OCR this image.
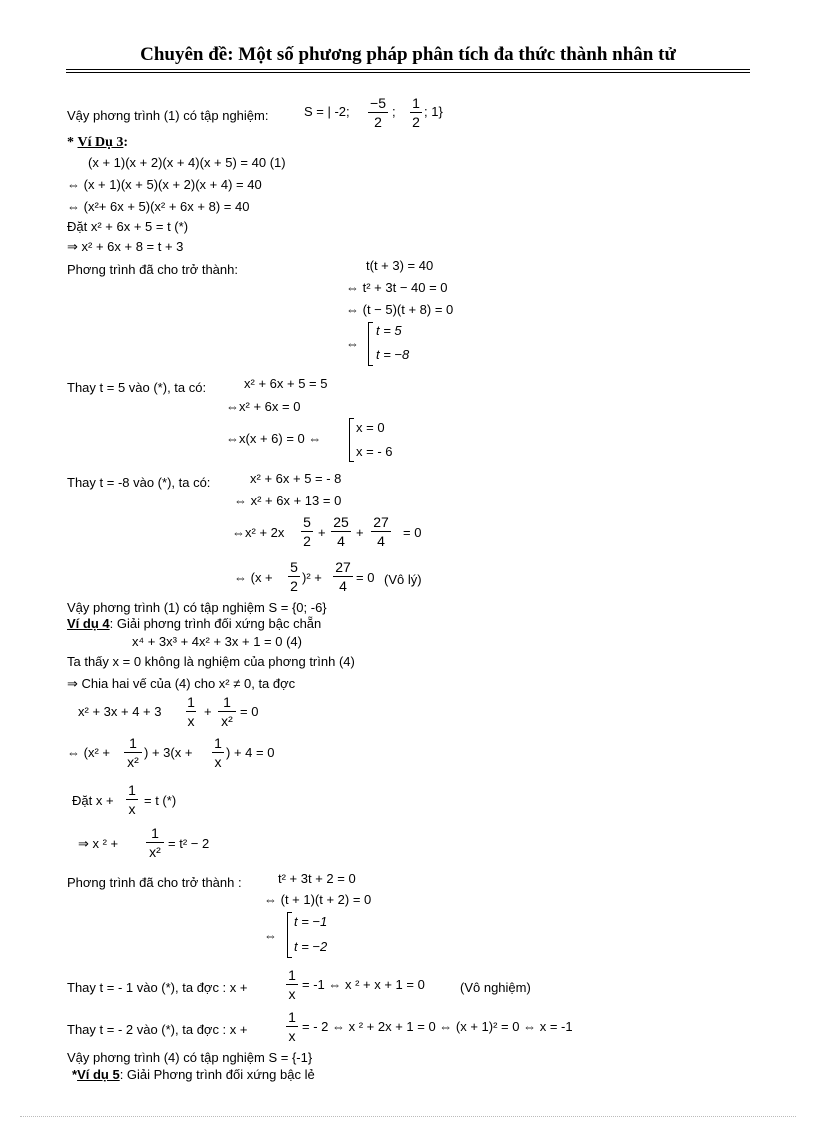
Chuyên đề: Một số phương pháp phân tích đa thức thành nhân tử
Vậy phơng trình (1) có tập nghiệm:	S = | -2;
−5
2
;
1
2
; 1}
* Ví Dụ 3:
(x + 1)(x + 2)(x + 4)(x + 5) = 40 (1)
⇔ (x + 1)(x + 5)(x + 2)(x + 4) = 40
⇔ (x²+ 6x + 5)(x² + 6x + 8) = 40
Đặt x² + 6x + 5 = t (*)
⇒ x² + 6x + 8 = t + 3
Phơng trình đã cho trở thành:	t(t + 3) = 40
⇔ t² + 3t − 40 = 0
⇔ (t − 5)(t + 8) = 0
⇔
t = 5
t = −8
Thay t = 5 vào (*), ta có:	x² + 6x + 5 = 5
⇔x² + 6x = 0
⇔x(x + 6) = 0 ⇔
x = 0
x = - 6
Thay t = -8 vào (*), ta có:	x² + 6x + 5 = - 8
⇔ x² + 6x + 13 = 0
⇔x² + 2x
5
2
+
25
4
+
27
4
= 0
⇔ (x +
5
2
)² +
27
4
= 0 (Vô lý)
Vậy phơng trình (1) có tập nghiệm S = {0; -6}
Ví dụ 4: Giải phơng trình đối xứng bậc chẵn
x⁴ + 3x³ + 4x² + 3x + 1 = 0 (4)
Ta thấy x = 0 không là nghiệm của phơng trình (4)
⇒ Chia hai vế của (4) cho x² ≠ 0, ta đợc
x² + 3x + 4 + 3
1
x
+
1
x²
= 0
⇔ (x² +
1
x²
) + 3(x +
1
x
) + 4 = 0
Đặt x +
1
x
= t (*)
⇒ x ² +
1
x²
= t² − 2
Phơng trình đã cho trở thành :	t² + 3t + 2 = 0
⇔ (t + 1)(t + 2) = 0
⇔
t = −1
t = −2
Thay t = - 1 vào (*), ta đợc : x +
1
x
= -1 ⇔ x ² + x + 1 = 0	(Vô nghiệm)
Thay t = - 2 vào (*), ta đợc : x +
1
x
= - 2 ⇔ x ² + 2x + 1 = 0 ⇔ (x + 1)² = 0 ⇔ x = -1
Vậy phơng trình (4) có tập nghiệm S = {-1}
*Ví dụ 5: Giải Phơng trình đối xứng bậc lẻ
